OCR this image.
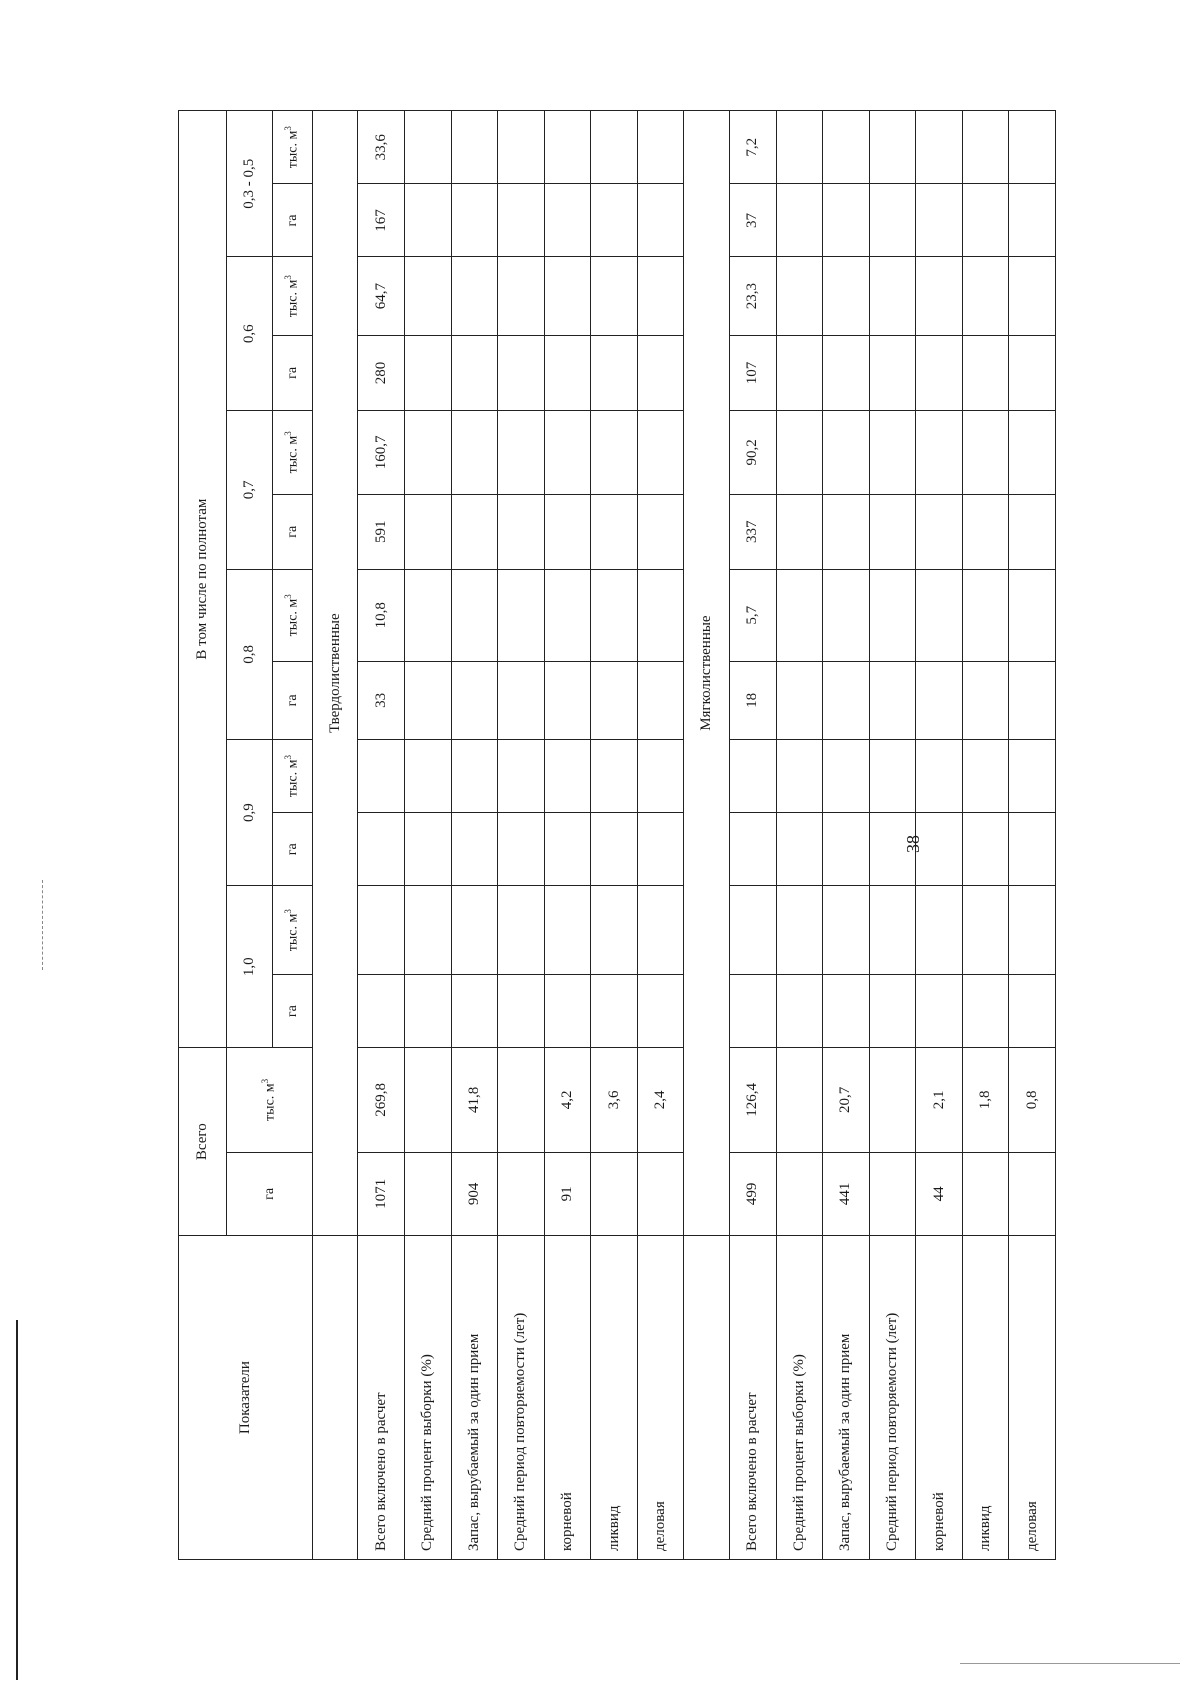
Показатели	Всего		В том числе по полнотам											
	га	тыс. $м^3$	1,0		0,9		0,8		0,7		0,6		0,3 - 0,5	
			га	тыс. $м^3$	га	тыс. $м^3$	га	тыс. $м^3$	га	тыс. $м^3$	га	тыс. $м^3$	га	тыс. $м^3$
	Твердолиственные													
Всего включено в расчет	1071	269,8					33	10,8	591	160,7	280	64,7	167	33,6
Средний процент выборки (%)														
Запас, вырубаемый за один прием	904	41,8												
Средний период повторяемости (лет)														
корневой	91	4,2												
ликвид		3,6												
деловая		2,4												
	Мягколиственные													
Всего включено в расчет	499	126,4					18	5,7	337	90,2	107	23,3	37	7,2
Средний процент выборки (%)														
Запас, вырубаемый за один прием	441	20,7												
Средний период повторяемости (лет)														
корневой	44	2,1												
ликвид		1,8												
деловая		0,8												
38
